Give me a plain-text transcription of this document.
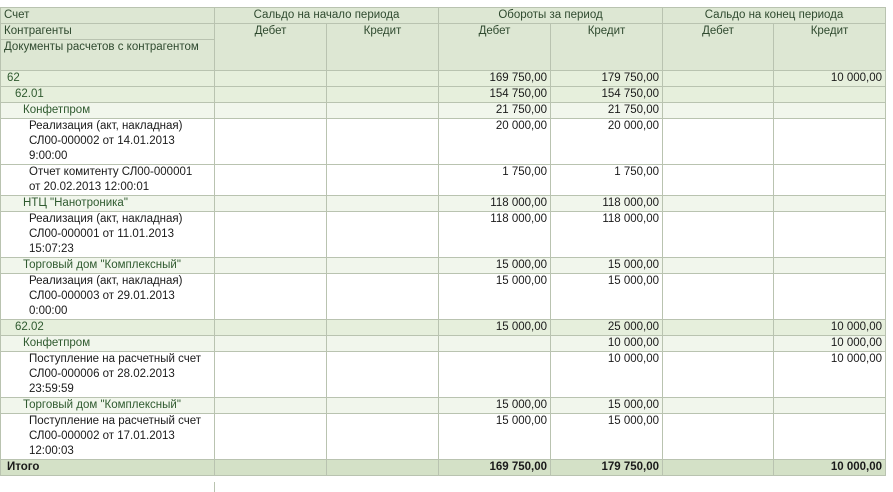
Счет	Сальдо на начало периода		Обороты за период		Сальдо на конец периода	
Контрагенты	Дебет	Кредит	Дебет	Кредит	Дебет	Кредит
Документы расчетов с контрагентом						
62			169 750,00	179 750,00		10 000,00
62.01			154 750,00	154 750,00		
Конфетпром			21 750,00	21 750,00		

Реализация (акт, накладная)
СЛ00-000002 от 14.01.2013
9:00:00			20 000,00	20 000,00		

Отчет комитенту СЛ00-000001
от 20.02.2013 12:00:01			1 750,00	1 750,00		
НТЦ "Нанотроника"			118 000,00	118 000,00		

Реализация (акт, накладная)
СЛ00-000001 от 11.01.2013
15:07:23			118 000,00	118 000,00		
Торговый дом "Комплексный"			15 000,00	15 000,00		

Реализация (акт, накладная)
СЛ00-000003 от 29.01.2013
0:00:00			15 000,00	15 000,00		
62.02			15 000,00	25 000,00		10 000,00
Конфетпром				10 000,00		10 000,00

Поступление на расчетный счет
СЛ00-000006 от 28.02.2013
23:59:59				10 000,00		10 000,00
Торговый дом "Комплексный"			15 000,00	15 000,00		

Поступление на расчетный счет
СЛ00-000002 от 17.01.2013
12:00:03			15 000,00	15 000,00		
Итого			169 750,00	179 750,00		10 000,00
